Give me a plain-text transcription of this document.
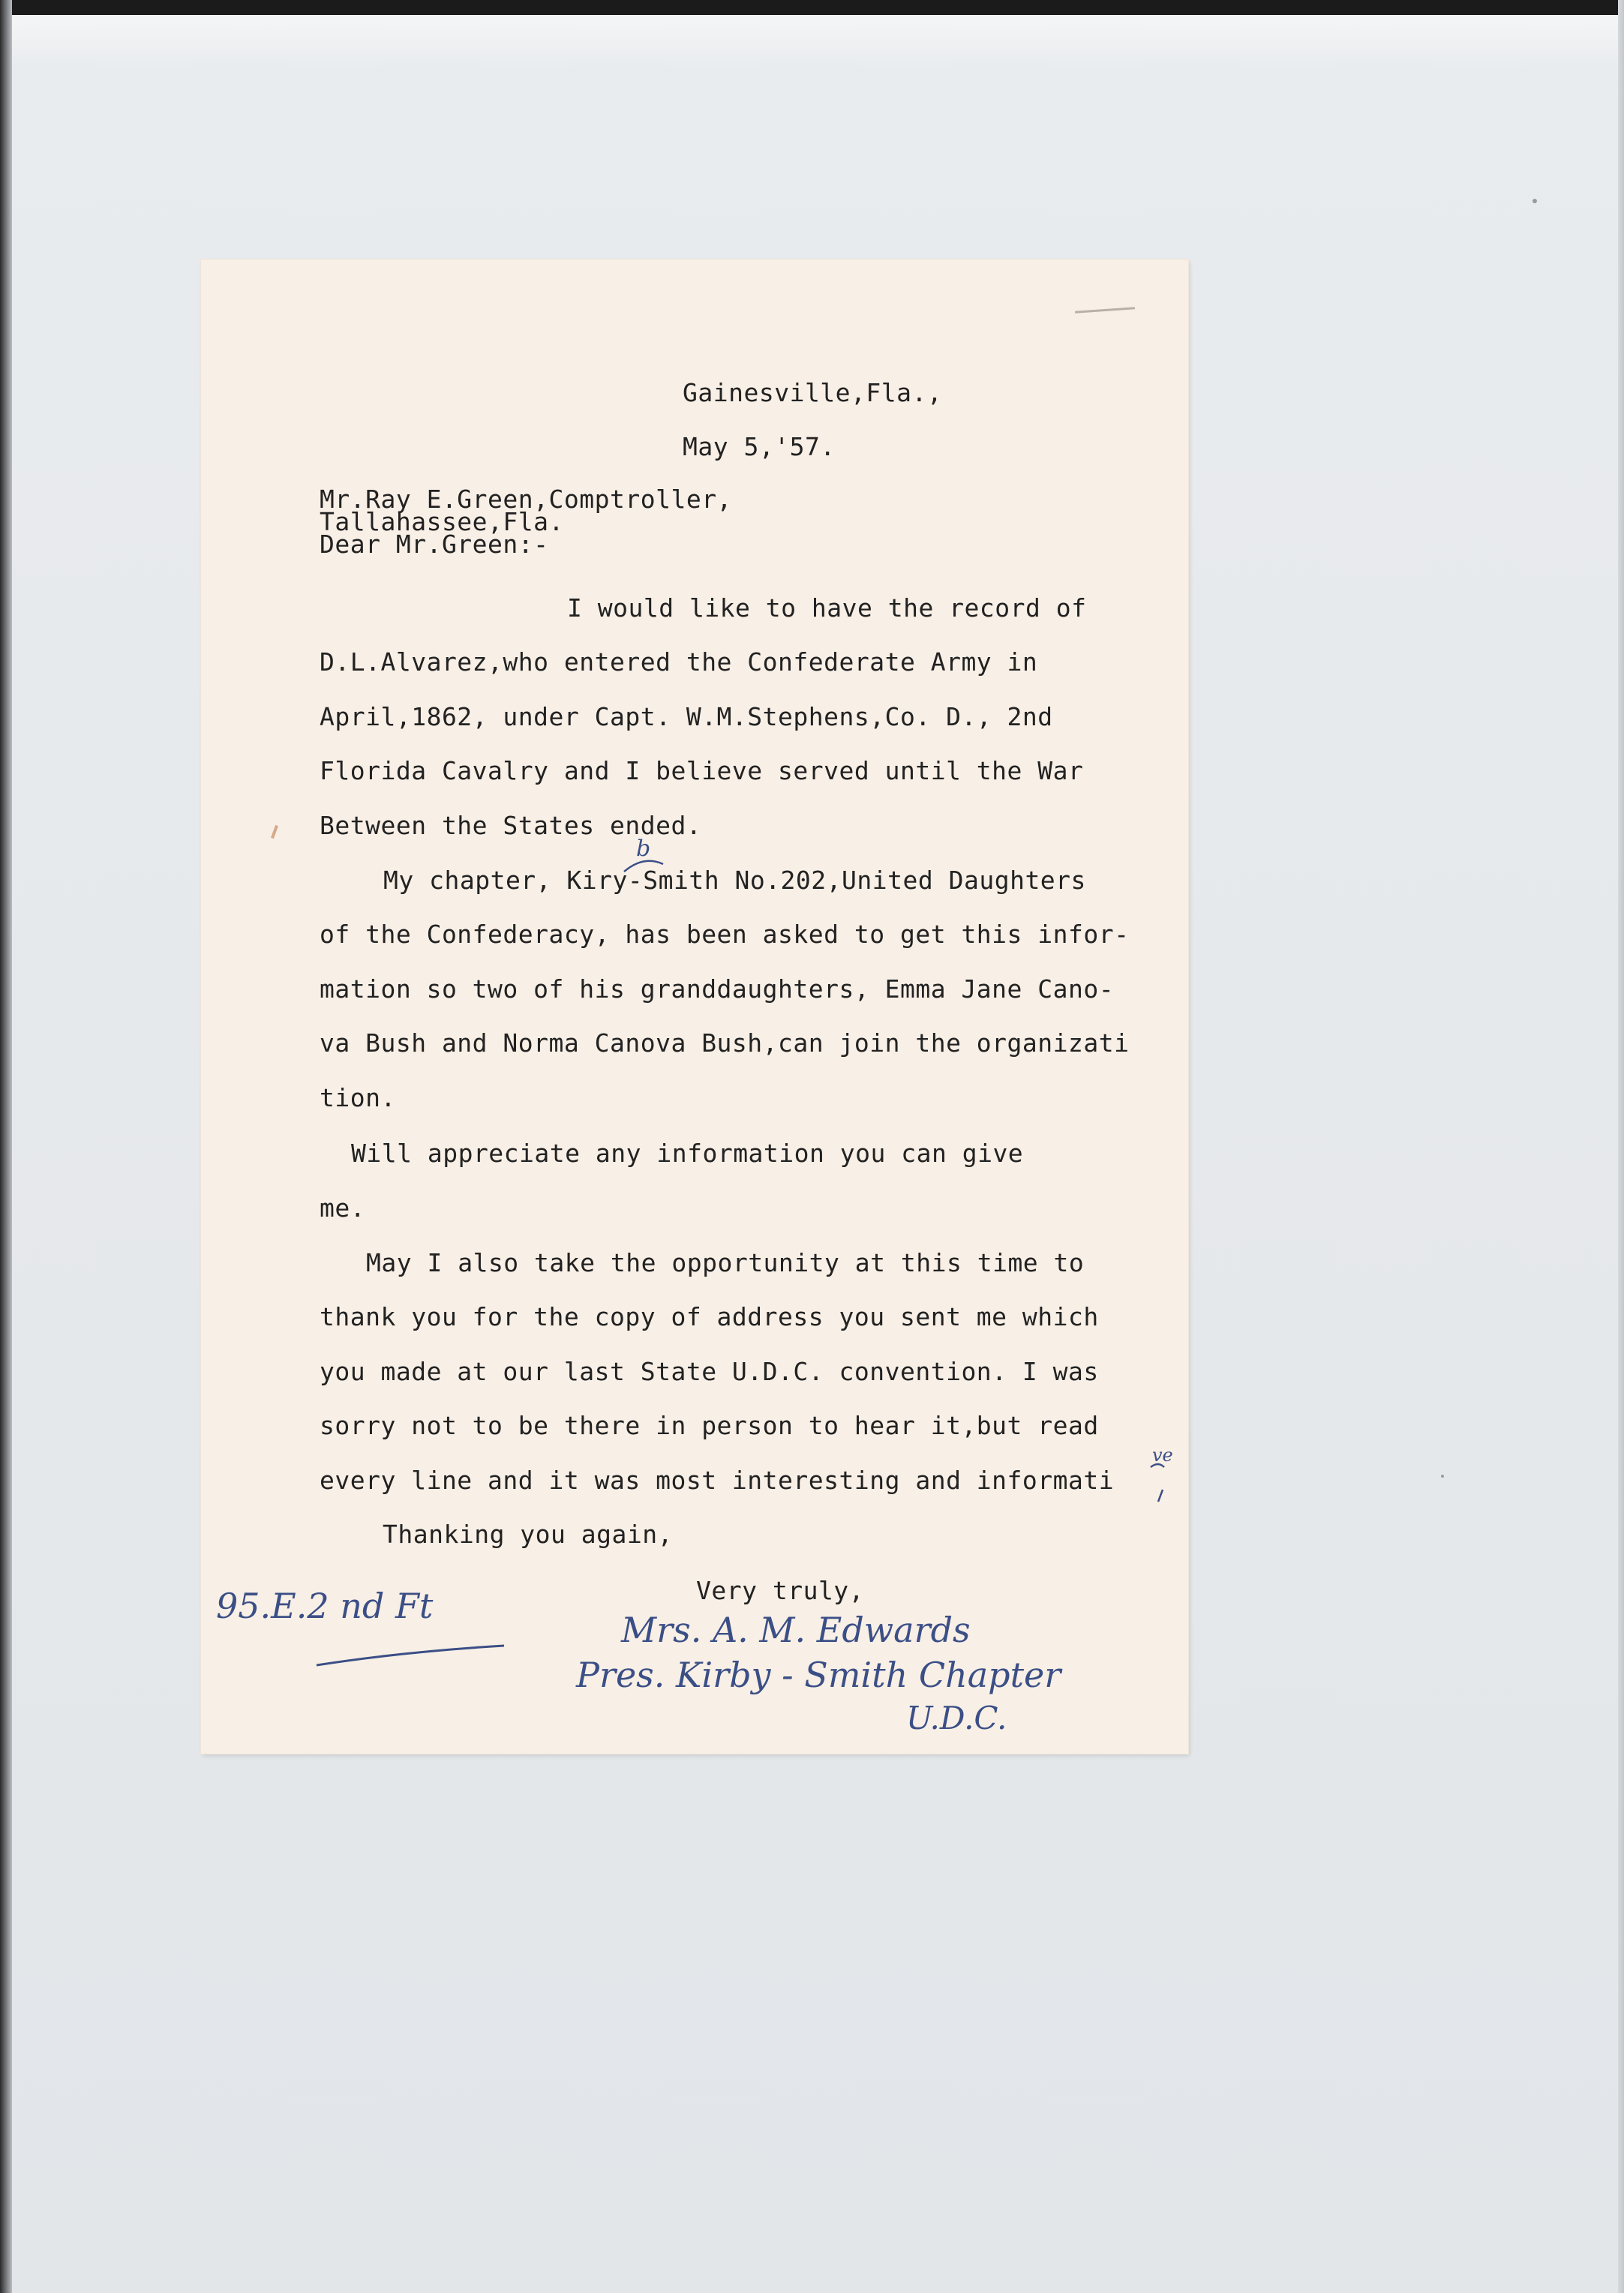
Gainesville,Fla.,

May 5,'57.

Mr.Ray E.Green,Comptroller,

Tallahassee,Fla.

Dear Mr.Green:-

I would like to have the record of

D.L.Alvarez,who entered the Confederate Army in

April,1862, under Capt. W.M.Stephens,Co. D., 2nd

Florida Cavalry and I believe served until the War

Between the States ended.

My chapter, Kiry-Smith No.202,United Daughters

of the Confederacy, has been asked to get this infor-

mation so two of his granddaughters, Emma Jane Cano-

va Bush and Norma Canova Bush,can join the organizati

tion.

Will appreciate any information you can give

me.

May I also take the opportunity at this time to

thank you for the copy of address you sent me which

you made at our last State U.D.C. convention. I was

sorry not to be there in person to hear it,but read

every line and it was most interesting and informati

Thanking you again,

Very truly,

b

ve

95.E.2 nd Ft

Mrs. A. M. Edwards

Pres. Kirby - Smith Chapter

U.D.C.
